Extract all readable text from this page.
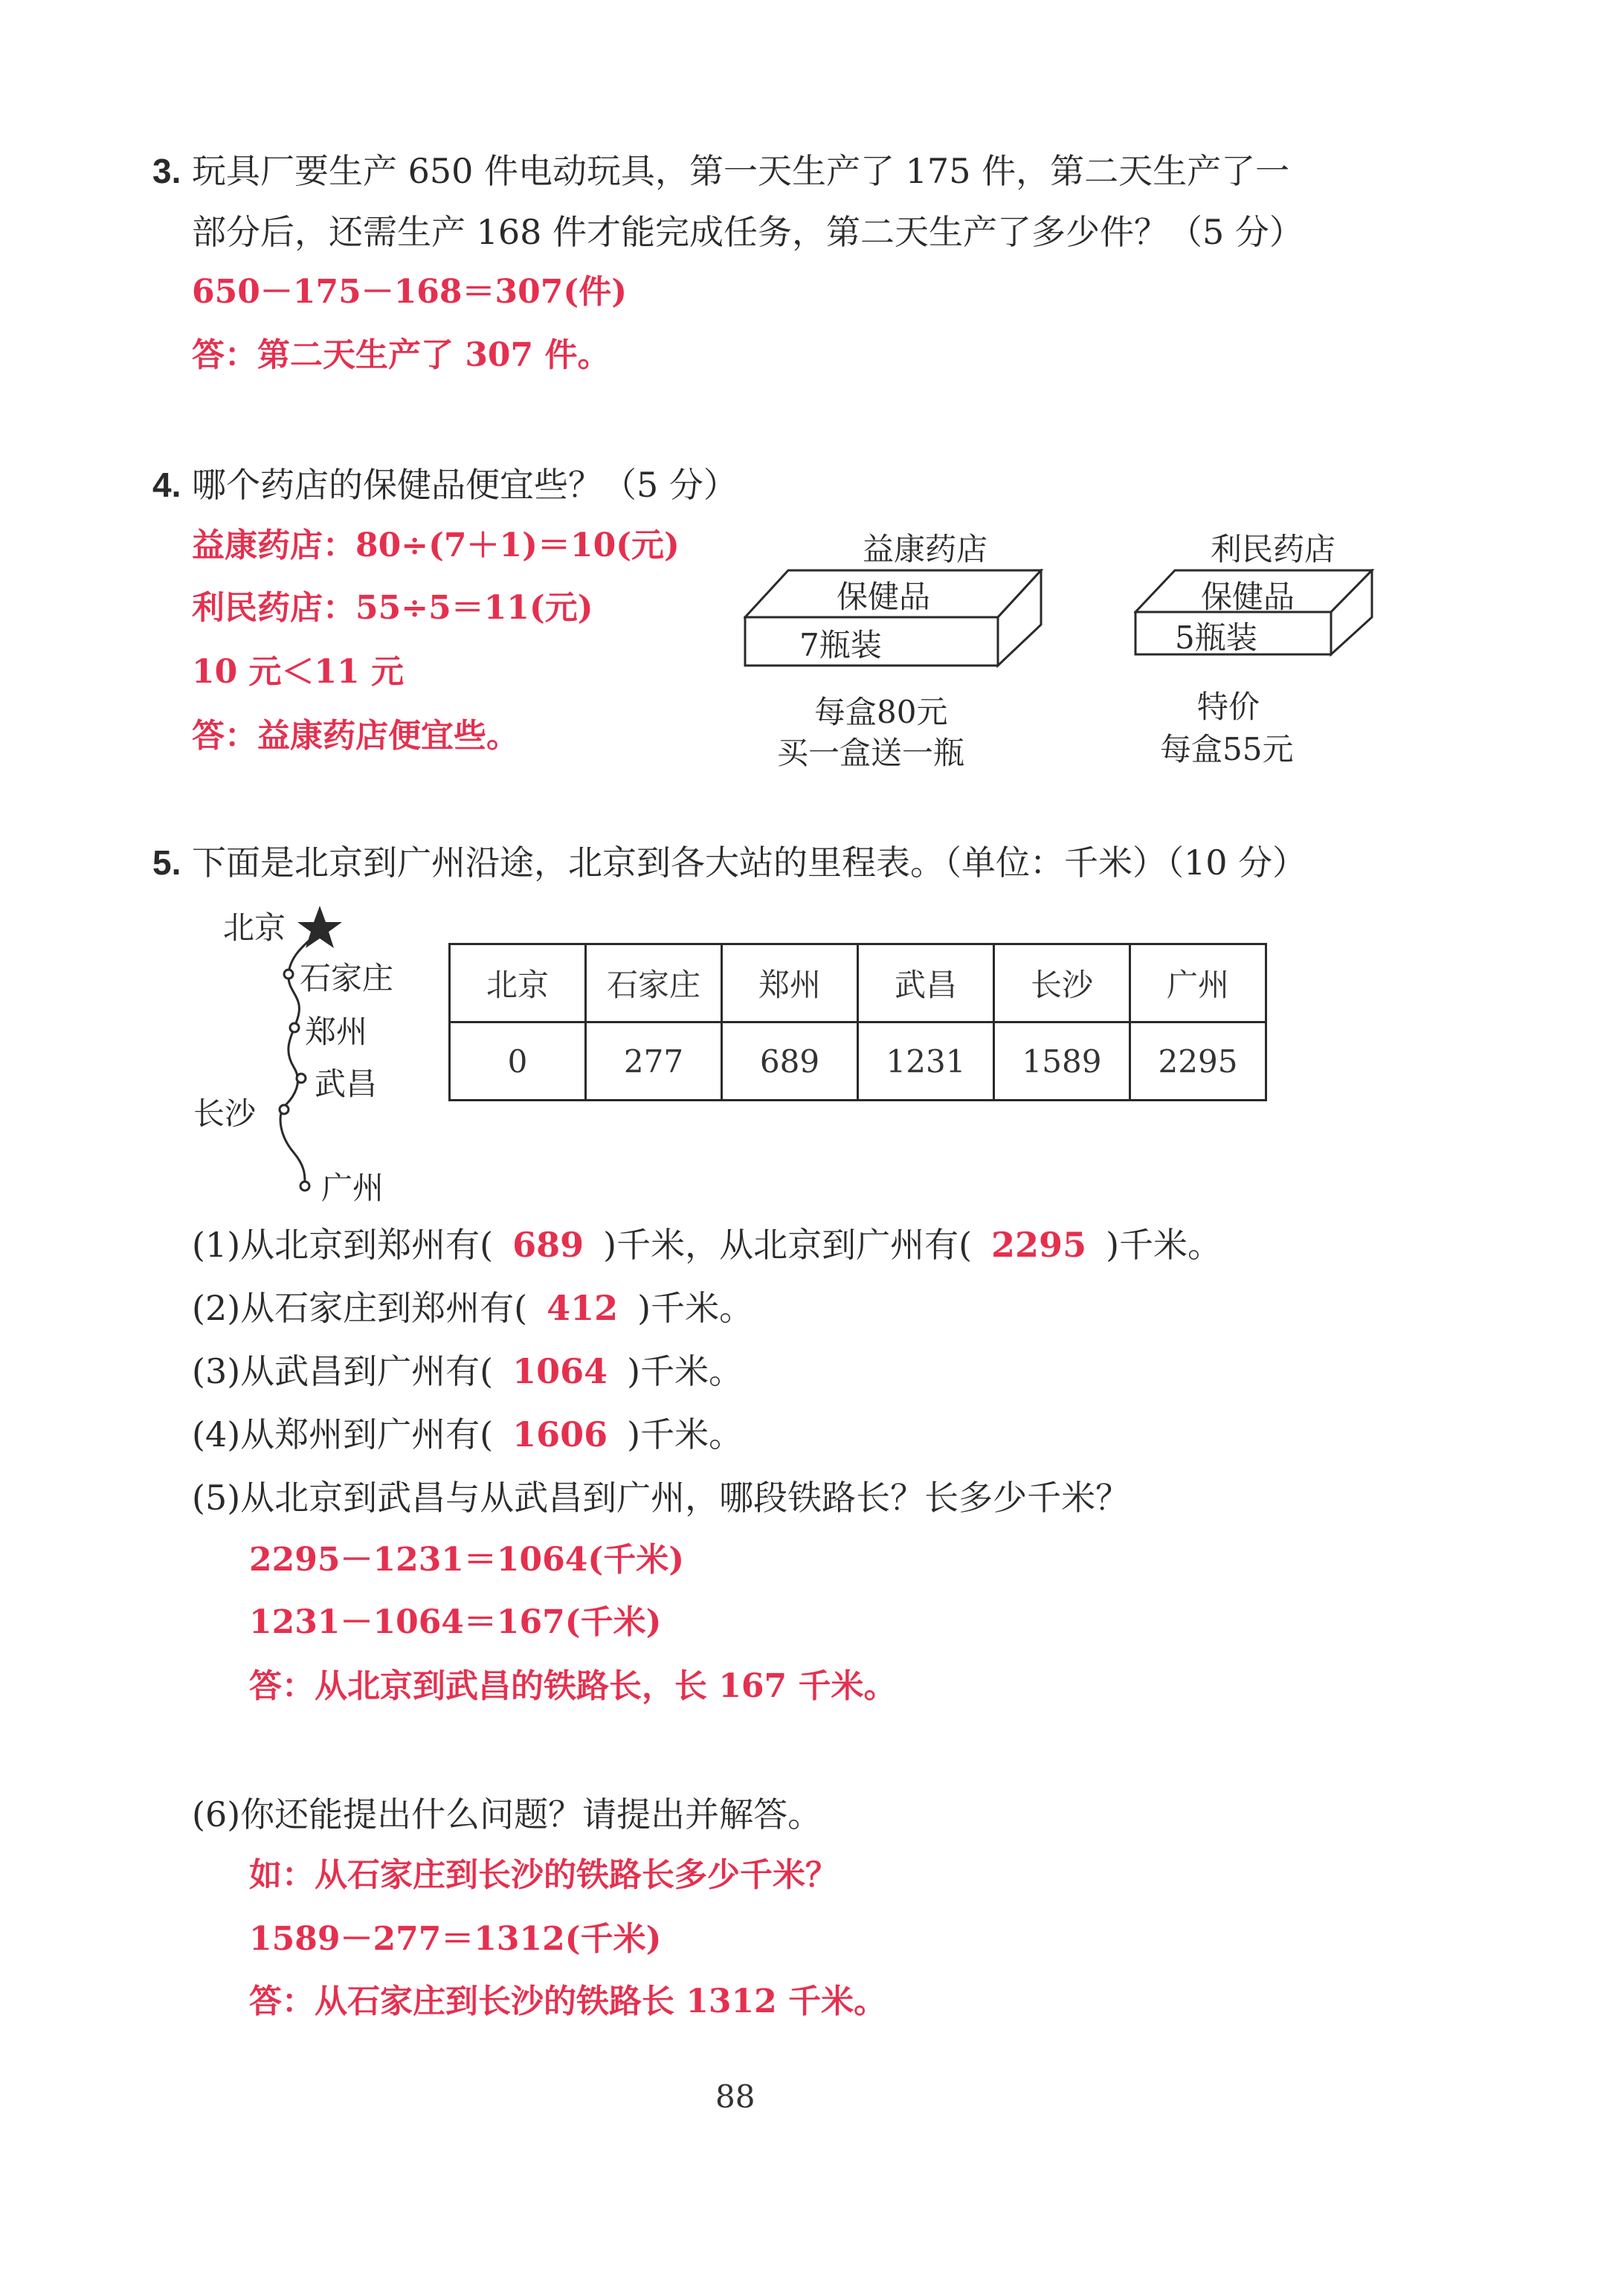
3. 玩具厂要生产 650 件电动玩具，第一天生产了 175 件，第二天生产了一
部分后，还需生产 168 件才能完成任务，第二天生产了多少件？（5 分）
650－175－168＝307(件)
答：第二天生产了 307 件。
4. 哪个药店的保健品便宜些？（5 分）
益康药店：80÷(7＋1)＝10(元)
利民药店：55÷5＝11(元)
10 元＜11 元
答：益康药店便宜些。
益康药店
保健品
7瓶装
每盒80元
买一盒送一瓶
利民药店
保健品
5瓶装
特价
每盒55元
5. 下面是北京到广州沿途，北京到各大站的里程表。（单位：千米）（10 分）
北京
石家庄
郑州
武昌
长沙
广州
北京	石家庄	郑州	武昌	长沙	广州
0	277	689	1231	1589	2295
(1)从北京到郑州有( 689 )千米，从北京到广州有( 2295 )千米。
(2)从石家庄到郑州有( 412 )千米。
(3)从武昌到广州有( 1064 )千米。
(4)从郑州到广州有( 1606 )千米。
(5)从北京到武昌与从武昌到广州，哪段铁路长？长多少千米？
2295－1231＝1064(千米)
1231－1064＝167(千米)
答：从北京到武昌的铁路长，长 167 千米。
(6)你还能提出什么问题？请提出并解答。
如：从石家庄到长沙的铁路长多少千米？
1589－277＝1312(千米)
答：从石家庄到长沙的铁路长 1312 千米。
88
